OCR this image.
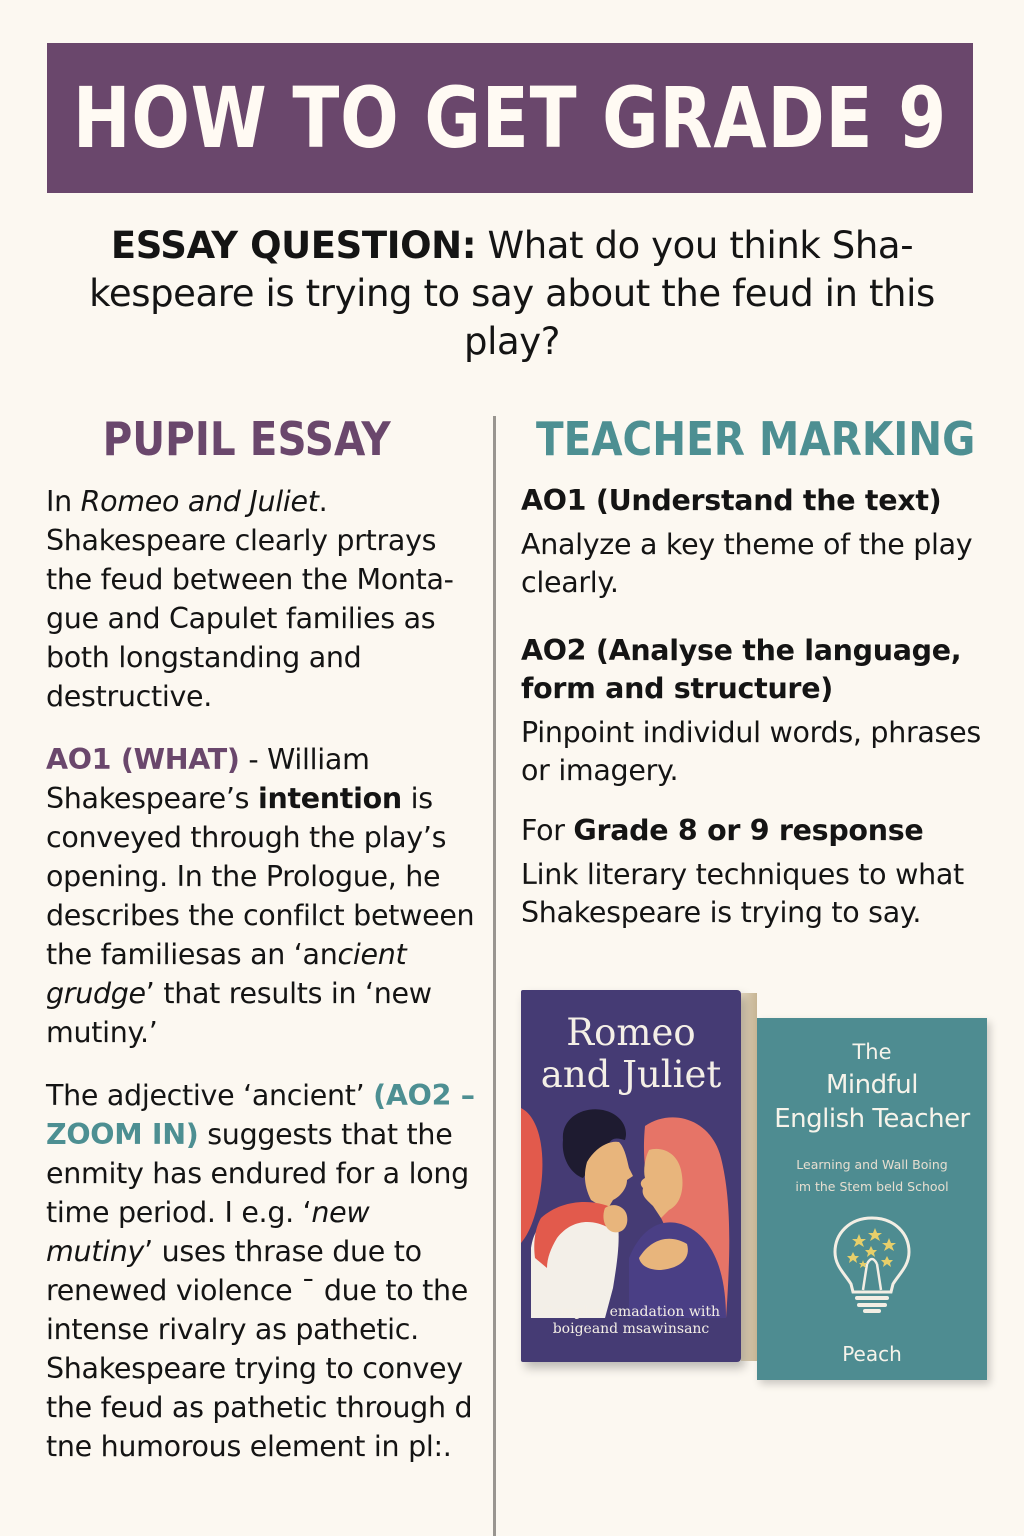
HOW TO GET GRADE 9
ESSAY QUESTION: What do you think Sha-kespeare is trying to say about the feud in this play?
PUPIL ESSAY	TEACHER MARKING

In Romeo and Juliet. Shakespeare clearly prtrays the feud between the Monta-gue and Capulet families as both longstanding and destructive.

AO1 (WHAT) - William Shakespeare’s intention is conveyed through the play’s opening. In the Prologue, he describes the confilct between the familiesas an ‘ancient grudge’ that results in ‘new mutiny.’

The adjective ‘ancient’ (AO2 – ZOOM IN) suggests that the enmity has endured for a long time period. I e.g. ‘new mutiny’ uses thrase due to renewed violence ˉ due to the intense rivalry as pathetic. Shakespeare trying to convey the feud as pathetic through d tne humorous element in pl:.

AO1 (Understand the text)
Analyze a key theme of the play clearly.
AO2 (Analyse the language, form and structure)
Pinpoint individul words, phrases or imagery.
For Grade 8 or 9 response
Link literary techniques to what Shakespeare is trying to say.
The
Mindful
English Teacher
Learning and Wall Boing
im the Stem beld School
Peach
Romeo
and Juliet
Complen emadation with
boigeand msawinsanc
